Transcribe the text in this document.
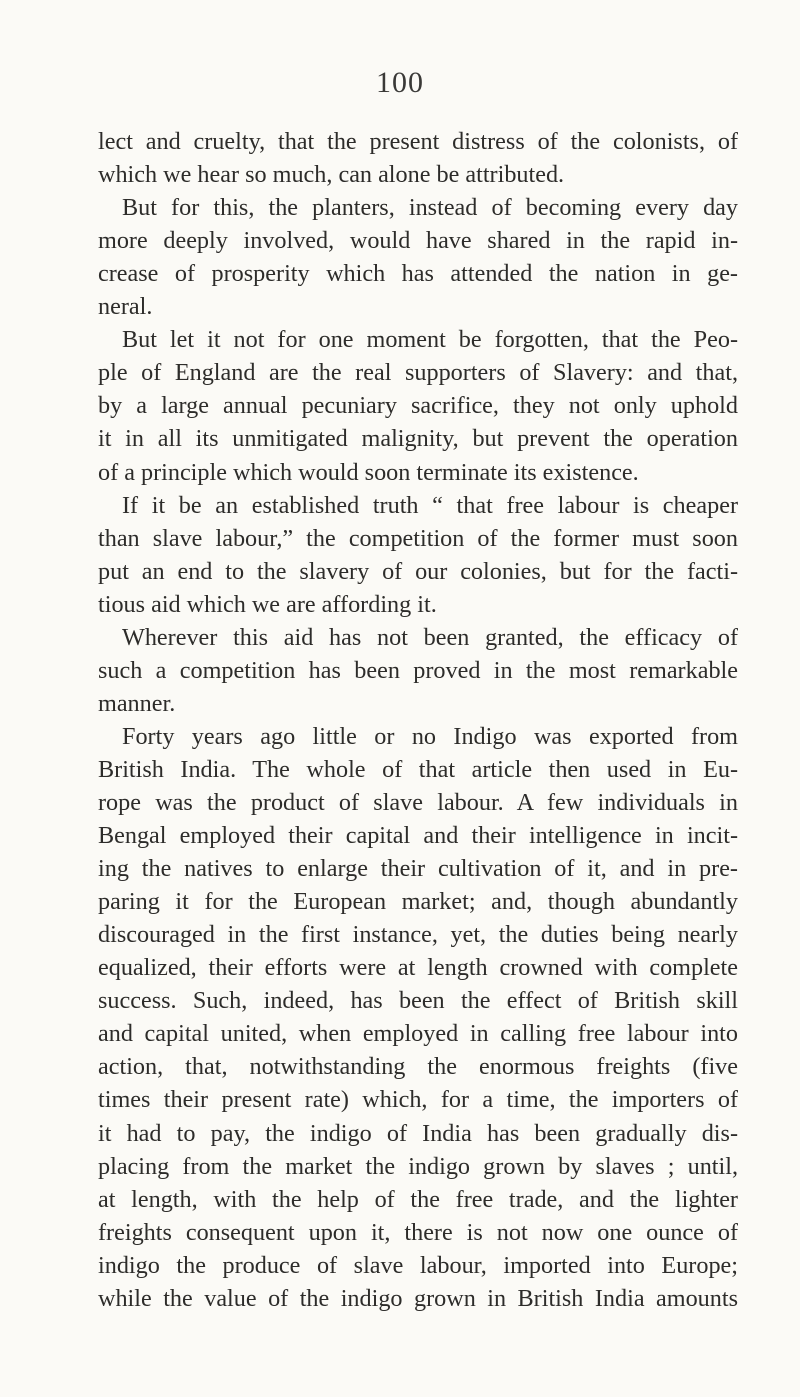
100
lect and cruelty, that the present distress of the colonists, of
which we hear so much, can alone be attributed.
But for this, the planters, instead of becoming every day
more deeply involved, would have shared in the rapid in-
crease of prosperity which has attended the nation in ge-
neral.
But let it not for one moment be forgotten, that the Peo-
ple of England are the real supporters of Slavery: and that,
by a large annual pecuniary sacrifice, they not only uphold
it in all its unmitigated malignity, but prevent the operation
of a principle which would soon terminate its existence.
If it be an established truth “ that free labour is cheaper
than slave labour,” the competition of the former must soon
put an end to the slavery of our colonies, but for the facti-
tious aid which we are affording it.
Wherever this aid has not been granted, the efficacy of
such a competition has been proved in the most remarkable
manner.
Forty years ago little or no Indigo was exported from
British India. The whole of that article then used in Eu-
rope was the product of slave labour. A few individuals in
Bengal employed their capital and their intelligence in incit-
ing the natives to enlarge their cultivation of it, and in pre-
paring it for the European market; and, though abundantly
discouraged in the first instance, yet, the duties being nearly
equalized, their efforts were at length crowned with complete
success. Such, indeed, has been the effect of British skill
and capital united, when employed in calling free labour into
action, that, notwithstanding the enormous freights (five
times their present rate) which, for a time, the importers of
it had to pay, the indigo of India has been gradually dis-
placing from the market the indigo grown by slaves ; until,
at length, with the help of the free trade, and the lighter
freights consequent upon it, there is not now one ounce of
indigo the produce of slave labour, imported into Europe;
while the value of the indigo grown in British India amounts
